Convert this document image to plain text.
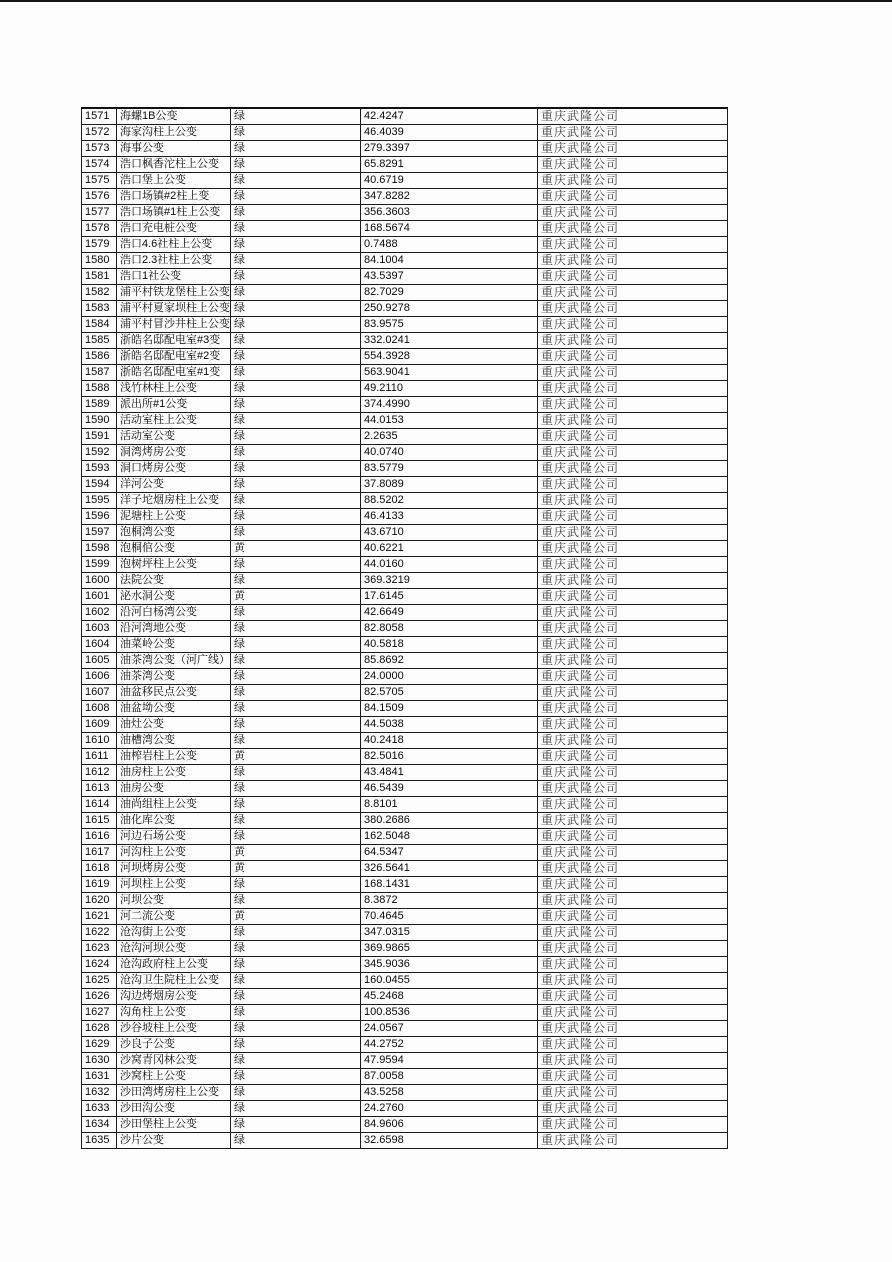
1571	海螺1B公变	绿	42.4247	重庆武隆公司
1572	海家沟柱上公变	绿	46.4039	重庆武隆公司
1573	海事公变	绿	279.3397	重庆武隆公司
1574	浩口枫香沱柱上公变	绿	65.8291	重庆武隆公司
1575	浩口堡上公变	绿	40.6719	重庆武隆公司
1576	浩口场镇#2柱上变	绿	347.8282	重庆武隆公司
1577	浩口场镇#1柱上公变	绿	356.3603	重庆武隆公司
1578	浩口充电桩公变	绿	168.5674	重庆武隆公司
1579	浩口4.6社柱上公变	绿	0.7488	重庆武隆公司
1580	浩口2.3社柱上公变	绿	84.1004	重庆武隆公司
1581	浩口1社公变	绿	43.5397	重庆武隆公司
1582	浦平村铁龙堡柱上公变	绿	82.7029	重庆武隆公司
1583	浦平村夏家坝柱上公变	绿	250.9278	重庆武隆公司
1584	浦平村冒沙井柱上公变	绿	83.9575	重庆武隆公司
1585	浙皓名邸配电室#3变	绿	332.0241	重庆武隆公司
1586	浙皓名邸配电室#2变	绿	554.3928	重庆武隆公司
1587	浙皓名邸配电室#1变	绿	563.9041	重庆武隆公司
1588	浅竹林柱上公变	绿	49.2110	重庆武隆公司
1589	派出所#1公变	绿	374.4990	重庆武隆公司
1590	活动室柱上公变	绿	44.0153	重庆武隆公司
1591	活动室公变	绿	2.2635	重庆武隆公司
1592	洞湾烤房公变	绿	40.0740	重庆武隆公司
1593	洞口烤房公变	绿	83.5779	重庆武隆公司
1594	洋河公变	绿	37.8089	重庆武隆公司
1595	洋子坨烟房柱上公变	绿	88.5202	重庆武隆公司
1596	泥塘柱上公变	绿	46.4133	重庆武隆公司
1597	泡桐湾公变	绿	43.6710	重庆武隆公司
1598	泡桐倌公变	黄	40.6221	重庆武隆公司
1599	泡树坪柱上公变	绿	44.0160	重庆武隆公司
1600	法院公变	绿	369.3219	重庆武隆公司
1601	泌水洞公变	黄	17.6145	重庆武隆公司
1602	沿河白杨湾公变	绿	42.6649	重庆武隆公司
1603	沿河湾地公变	绿	82.8058	重庆武隆公司
1604	油菜岭公变	绿	40.5818	重庆武隆公司
1605	油茶湾公变（河广线）	绿	85.8692	重庆武隆公司
1606	油茶湾公变	绿	24.0000	重庆武隆公司
1607	油盆移民点公变	绿	82.5705	重庆武隆公司
1608	油盆坳公变	绿	84.1509	重庆武隆公司
1609	油灶公变	绿	44.5038	重庆武隆公司
1610	油槽湾公变	绿	40.2418	重庆武隆公司
1611	油榨岩柱上公变	黄	82.5016	重庆武隆公司
1612	油房柱上公变	绿	43.4841	重庆武隆公司
1613	油房公变	绿	46.5439	重庆武隆公司
1614	油尚组柱上公变	绿	8.8101	重庆武隆公司
1615	油化库公变	绿	380.2686	重庆武隆公司
1616	河边石场公变	绿	162.5048	重庆武隆公司
1617	河沟柱上公变	黄	64.5347	重庆武隆公司
1618	河坝烤房公变	黄	326.5641	重庆武隆公司
1619	河坝柱上公变	绿	168.1431	重庆武隆公司
1620	河坝公变	绿	8.3872	重庆武隆公司
1621	河二流公变	黄	70.4645	重庆武隆公司
1622	沧沟街上公变	绿	347.0315	重庆武隆公司
1623	沧沟河坝公变	绿	369.9865	重庆武隆公司
1624	沧沟政府柱上公变	绿	345.9036	重庆武隆公司
1625	沧沟卫生院柱上公变	绿	160.0455	重庆武隆公司
1626	沟边烤烟房公变	绿	45.2468	重庆武隆公司
1627	沟角柱上公变	绿	100.8536	重庆武隆公司
1628	沙谷坡柱上公变	绿	24.0567	重庆武隆公司
1629	沙良子公变	绿	44.2752	重庆武隆公司
1630	沙窝青冈林公变	绿	47.9594	重庆武隆公司
1631	沙窝柱上公变	绿	87.0058	重庆武隆公司
1632	沙田湾烤房柱上公变	绿	43.5258	重庆武隆公司
1633	沙田沟公变	绿	24.2760	重庆武隆公司
1634	沙田堡柱上公变	绿	84.9606	重庆武隆公司
1635	沙片公变	绿	32.6598	重庆武隆公司
